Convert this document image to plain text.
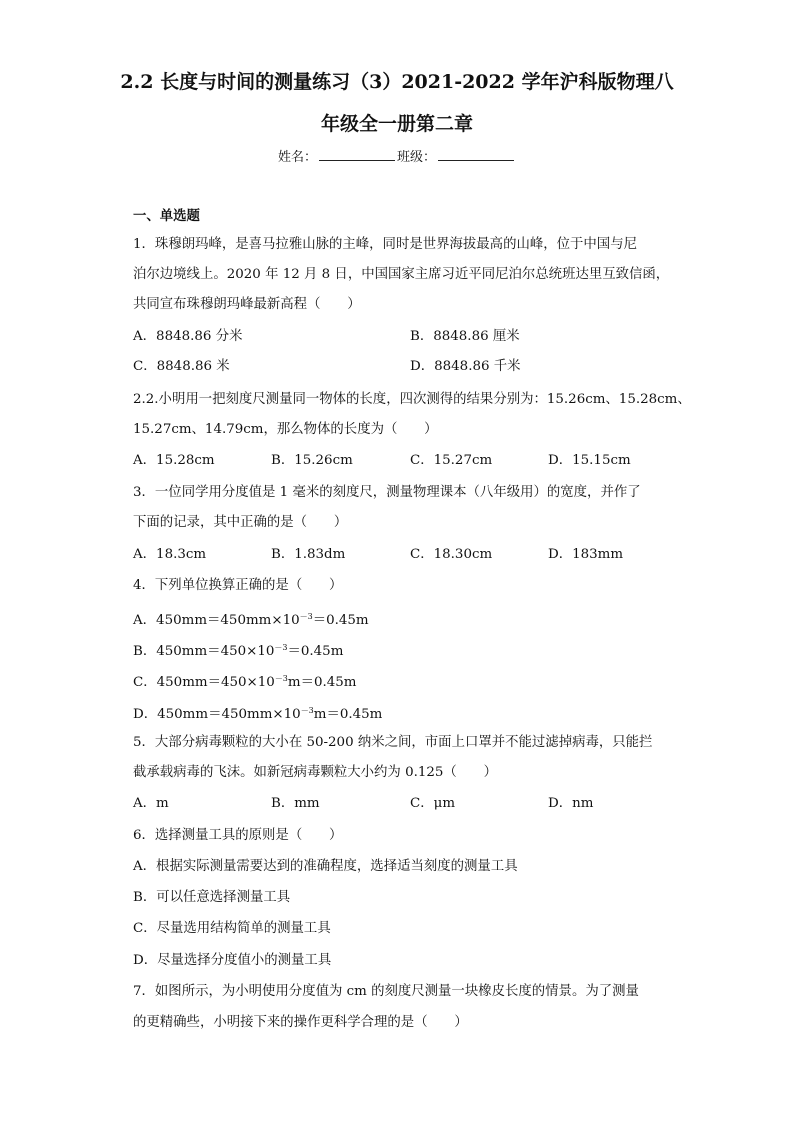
2.2 长度与时间的测量练习（3）2021-2022 学年沪科版物理八
年级全一册第二章
姓名：	班级：
一、单选题
1．珠穆朗玛峰，是喜马拉雅山脉的主峰，同时是世界海拔最高的山峰，位于中国与尼
泊尔边境线上。2020 年 12 月 8 日，中国国家主席习近平同尼泊尔总统班达里互致信函，
共同宣布珠穆朗玛峰最新高程（　　）
A．8848.86 分米	B．8848.86 厘米
C．8848.86 米	D．8848.86 千米
2.2.小明用一把刻度尺测量同一物体的长度，四次测得的结果分别为：15.26cm、15.28cm、
15.27cm、14.79cm，那么物体的长度为（　　）
A．15.28cm	B．15.26cm	C．15.27cm	D．15.15cm
3．一位同学用分度值是 1 毫米的刻度尺，测量物理课本（八年级用）的宽度，并作了
下面的记录，其中正确的是（　　）
A．18.3cm	B．1.83dm	C．18.30cm	D．183mm
4．下列单位换算正确的是（　　）
A．$450mm=450mm\times 10^{-3}=0.45m$
B．$450mm=450\times 10^{-3}=0.45m$
C．$450mm=450\times 10^{-3}m=0.45m$
D．$450mm=450mm\times 10^{-3}m=0.45m$
5．大部分病毒颗粒的大小在 50-200 纳米之间，市面上口罩并不能过滤掉病毒，只能拦
截承载病毒的飞沫。如新冠病毒颗粒大小约为 0.125（　　）
A．m	B．mm	C．μm	D．nm
6．选择测量工具的原则是（　　）
A．根据实际测量需要达到的准确程度，选择适当刻度的测量工具
B．可以任意选择测量工具
C．尽量选用结构简单的测量工具
D．尽量选择分度值小的测量工具
7．如图所示，为小明使用分度值为 cm 的刻度尺测量一块橡皮长度的情景。为了测量
的更精确些，小明接下来的操作更科学合理的是（　　）
